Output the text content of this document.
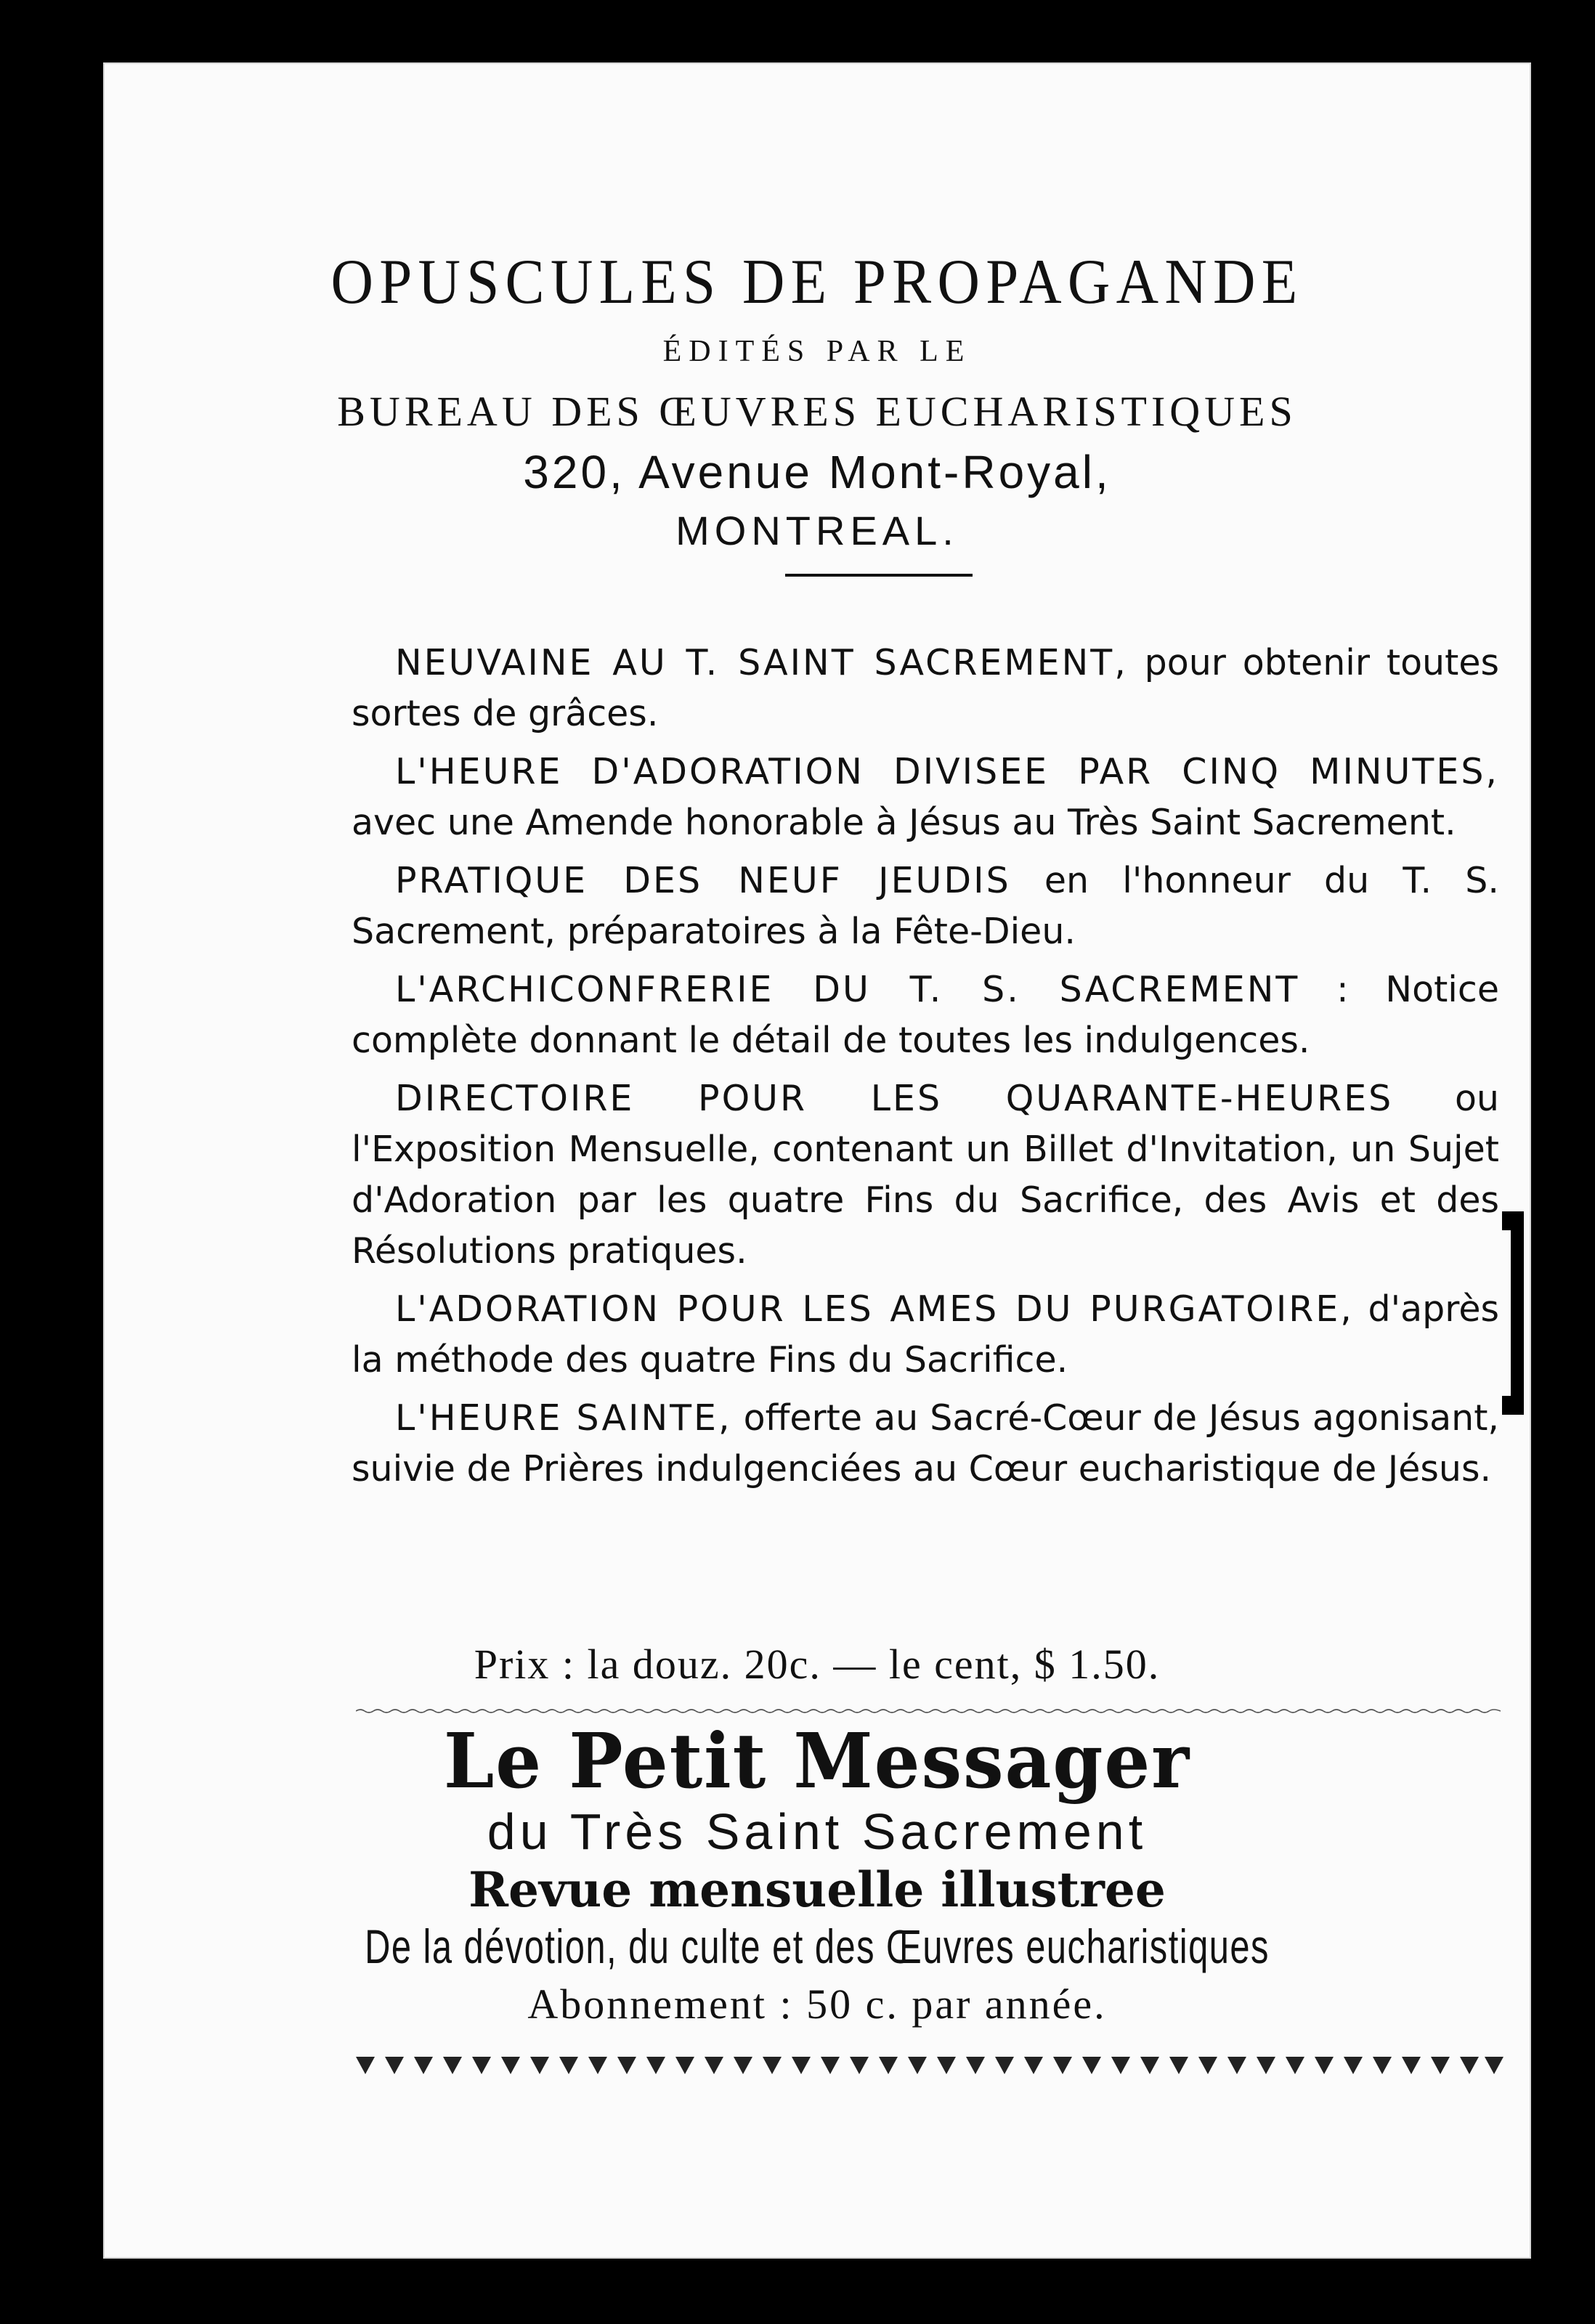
OPUSCULES DE PROPAGANDE
ÉDITÉS PAR LE
BUREAU DES ŒUVRES EUCHARISTIQUES
320, Avenue Mont-Royal,
MONTREAL.

NEUVAINE AU T. SAINT SACREMENT, pour obtenir toutes sortes de grâces.

L'HEURE D'ADORATION DIVISEE PAR CINQ MINUTES, avec une Amende honorable à Jésus au Très Saint Sacrement.

PRATIQUE DES NEUF JEUDIS en l'honneur du T. S. Sacrement, préparatoires à la Fête-Dieu.

L'ARCHICONFRERIE DU T. S. SACREMENT : Notice complète donnant le détail de toutes les indulgences.

DIRECTOIRE POUR LES QUARANTE-HEURES ou l'Exposition Mensuelle, contenant un Billet d'Invitation, un Sujet d'Adoration par les quatre Fins du Sacrifice, des Avis et des Résolutions pratiques.

L'ADORATION POUR LES AMES DU PURGATOIRE, d'après la méthode des quatre Fins du Sacrifice.

L'HEURE SAINTE, offerte au Sacré-Cœur de Jésus agonisant, suivie de Prières indulgenciées au Cœur eucharistique de Jésus.

Prix : la douz. 20c. — le cent, $ 1.50.
Le Petit Messager
du Très Saint Sacrement
Revue mensuelle illustree
De la dévotion, du culte et des Œuvres eucharistiques
Abonnement : 50 c. par année.
